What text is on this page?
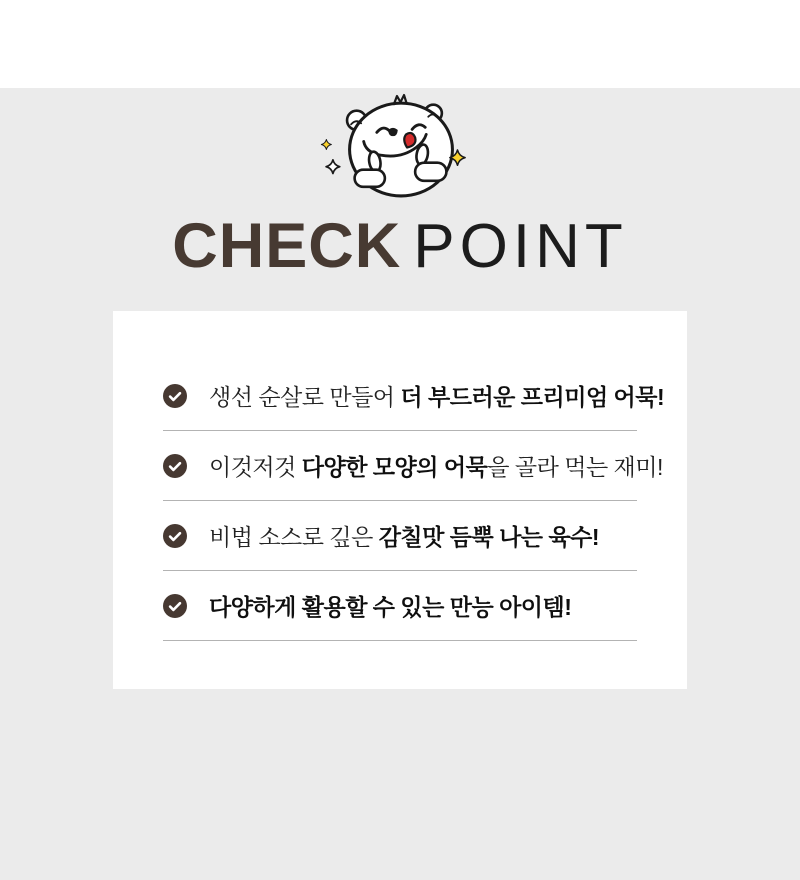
CHECK POINT

생선 순살로 만들어 더 부드러운 프리미엄 어묵!

이것저것 다양한 모양의 어묵을 골라 먹는 재미!

비법 소스로 깊은 감칠맛 듬뿍 나는 육수!

다양하게 활용할 수 있는 만능 아이템!
